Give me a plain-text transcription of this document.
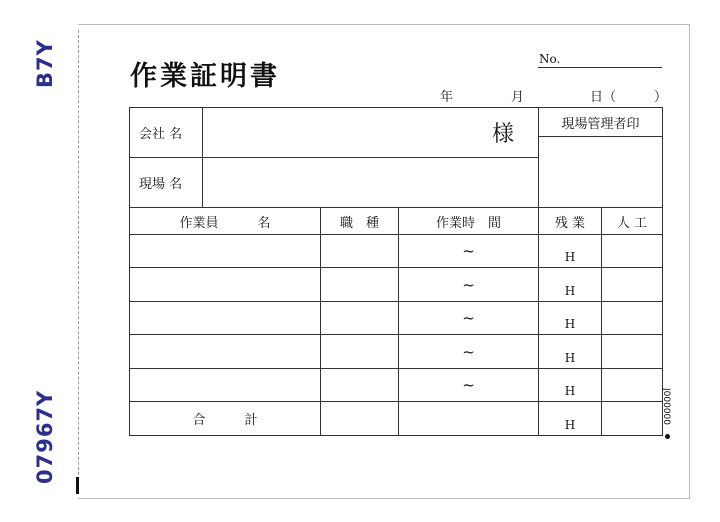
B7Y
07967Y
作業証明書
No.
年	月	日（	）
会社 名	様			現場管理者印	

現場 名					
作業員　　　名		職　種	作業時　間	残 業	人 工
			~	H	
			~	H	
			~	H	
			~	H	
			~	H	
合　　　計				H		J000000
